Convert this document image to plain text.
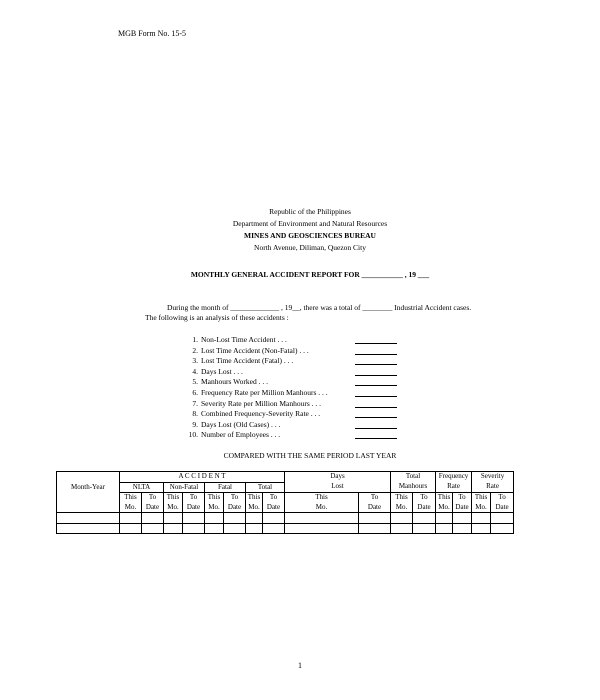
MGB Form No. 15-5
Republic of the Philippines
Department of Environment and Natural Resources
MINES AND GEOSCIENCES BUREAU
North Avenue, Diliman, Quezon City
MONTHLY GENERAL ACCIDENT REPORT FOR ___________ , 19 ___
During the month of _____________ , 19__, there was a total of ________ Industrial Accident cases.
The following is an analysis of these accidents :
1. Non-Lost Time Accident . . .
2. Lost Time Accident (Non-Fatal) . . .
3. Lost Time Accident (Fatal) . . .
4. Days Lost . . .
5. Manhours Worked . . .
6. Frequency Rate per Million Manhours . . .
7. Severity Rate per Million Manhours . . .
8. Combined Frequency-Severity Rate . . .
9. Days Lost (Old Cases) . . .
10. Number of Employees . . .
COMPARED WITH THE SAME PERIOD LAST YEAR
	A C C I D E N T								Days		Total		Frequency		Severity	
Month-Year	NLTA		Non-Fatal		Fatal		Total		Lost		Manhours		Rate		Rate	
	This	To	This	To	This	To	This	To	This	To	This	To	This	To	This	To
	Mo.	Date	Mo.	Date	Mo.	Date	Mo.	Date	Mo.	Date	Mo.	Date	Mo.	Date	Mo.	Date

1
